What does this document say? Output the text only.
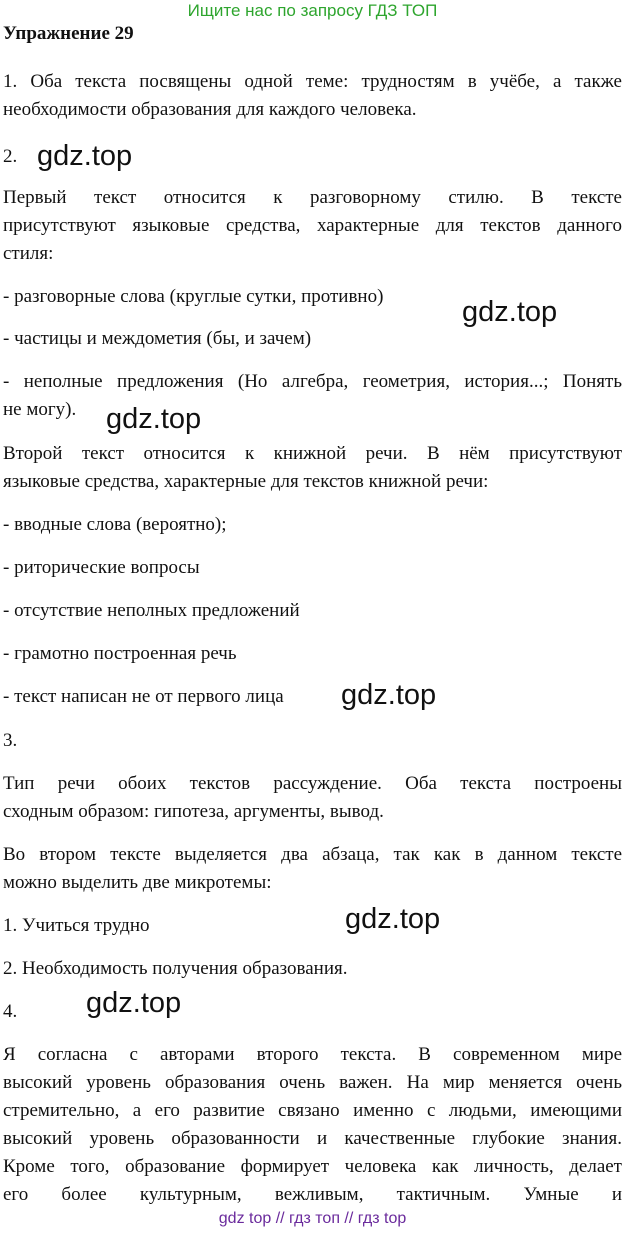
Ищите нас по запросу ГДЗ ТОП
Упражнение 29
1. Оба текста посвящены одной теме: трудностям в учёбе, а также
необходимости образования для каждого человека.
2. gdz.top
Первый текст относится к разговорному стилю. В тексте
присутствуют языковые средства, характерные для текстов данного
стиля:
- разговорные слова (круглые сутки, противно)	gdz.top
- частицы и междометия (бы, и зачем)
- неполные предложения (Но алгебра, геометрия, история...; Понять
не могу). gdz.top
Второй текст относится к книжной речи. В нём присутствуют
языковые средства, характерные для текстов книжной речи:
- вводные слова (вероятно);
- риторические вопросы
- отсутствие неполных предложений
- грамотно построенная речь
- текст написан не от первого лица gdz.top
3.
Тип речи обоих текстов рассуждение. Оба текста построены
сходным образом: гипотеза, аргументы, вывод.
Во втором тексте выделяется два абзаца, так как в данном тексте
можно выделить две микротемы:
1. Учиться трудно	gdz.top
2. Необходимость получения образования.
4. gdz.top
Я согласна с авторами второго текста. В современном мире
высокий уровень образования очень важен. На мир меняется очень
стремительно, а его развитие связано именно с людьми, имеющими
высокий уровень образованности и качественные глубокие знания.
Кроме того, образование формирует человека как личность, делает
его более культурным, вежливым, тактичным. Умные и
gdz top // гдз топ // гдз top
